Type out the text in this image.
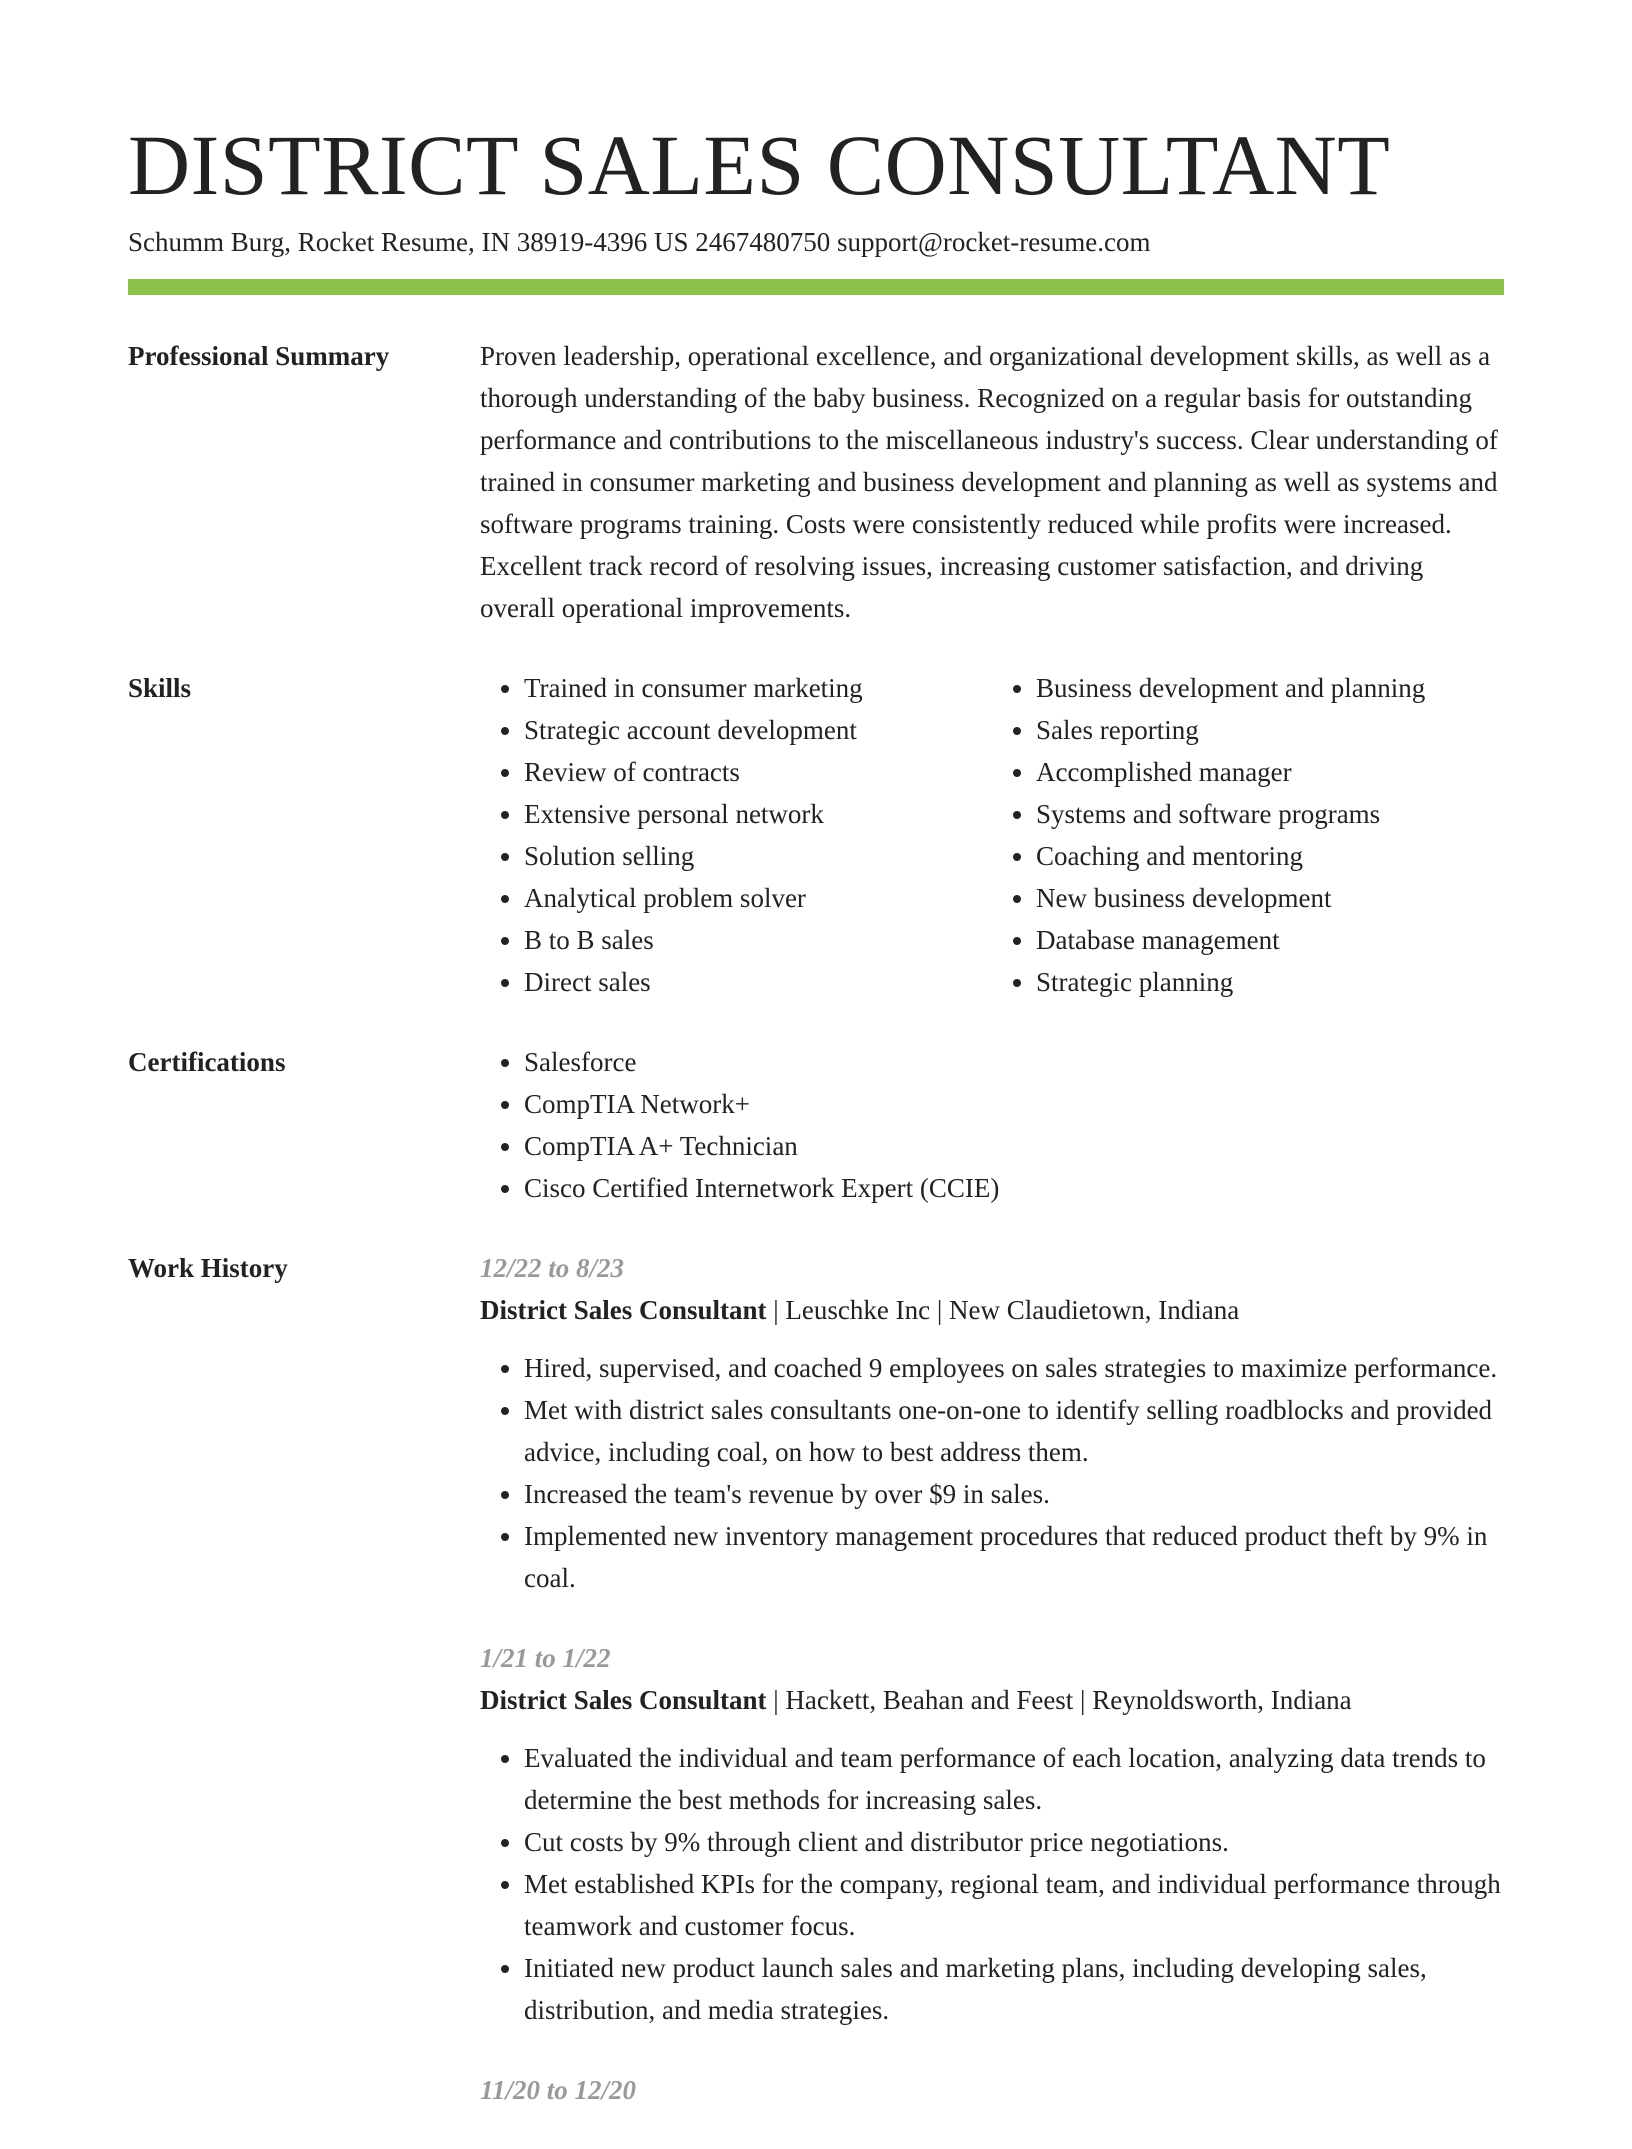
DISTRICT SALES CONSULTANT
Schumm Burg, Rocket Resume, IN 38919-4396 US 2467480750 support@rocket-resume.com
Professional Summary	Proven leadership, operational excellence, and organizational development skills, as well as a thorough understanding of the baby business. Recognized on a regular basis for outstanding performance and contributions to the miscellaneous industry's success. Clear understanding of trained in consumer marketing and business development and planning as well as systems and software programs training. Costs were consistently reduced while profits were increased. Excellent track record of resolving issues, increasing customer satisfaction, and driving overall operational improvements.

Skills	• Trained in consumer marketing
• Strategic account development
• Review of contracts
• Extensive personal network
• Solution selling
• Analytical problem solver
• B to B sales
• Direct sales
• Business development and planning
• Sales reporting
• Accomplished manager
• Systems and software programs
• Coaching and mentoring
• New business development
• Database management
• Strategic planning
Certifications	• Salesforce
• CompTIA Network+
• CompTIA A+ Technician
• Cisco Certified Internetwork Expert (CCIE)
Work History	12/22 to 8/23
District Sales Consultant | Leuschke Inc | New Claudietown, Indiana
• Hired, supervised, and coached 9 employees on sales strategies to maximize performance.
• Met with district sales consultants one-on-one to identify selling roadblocks and provided advice, including coal, on how to best address them.
• Increased the team's revenue by over $9 in sales.
• Implemented new inventory management procedures that reduced product theft by 9% in coal.
1/21 to 1/22
District Sales Consultant | Hackett, Beahan and Feest | Reynoldsworth, Indiana
• Evaluated the individual and team performance of each location, analyzing data trends to determine the best methods for increasing sales.
• Cut costs by 9% through client and distributor price negotiations.
• Met established KPIs for the company, regional team, and individual performance through teamwork and customer focus.
• Initiated new product launch sales and marketing plans, including developing sales, distribution, and media strategies.
11/20 to 12/20
